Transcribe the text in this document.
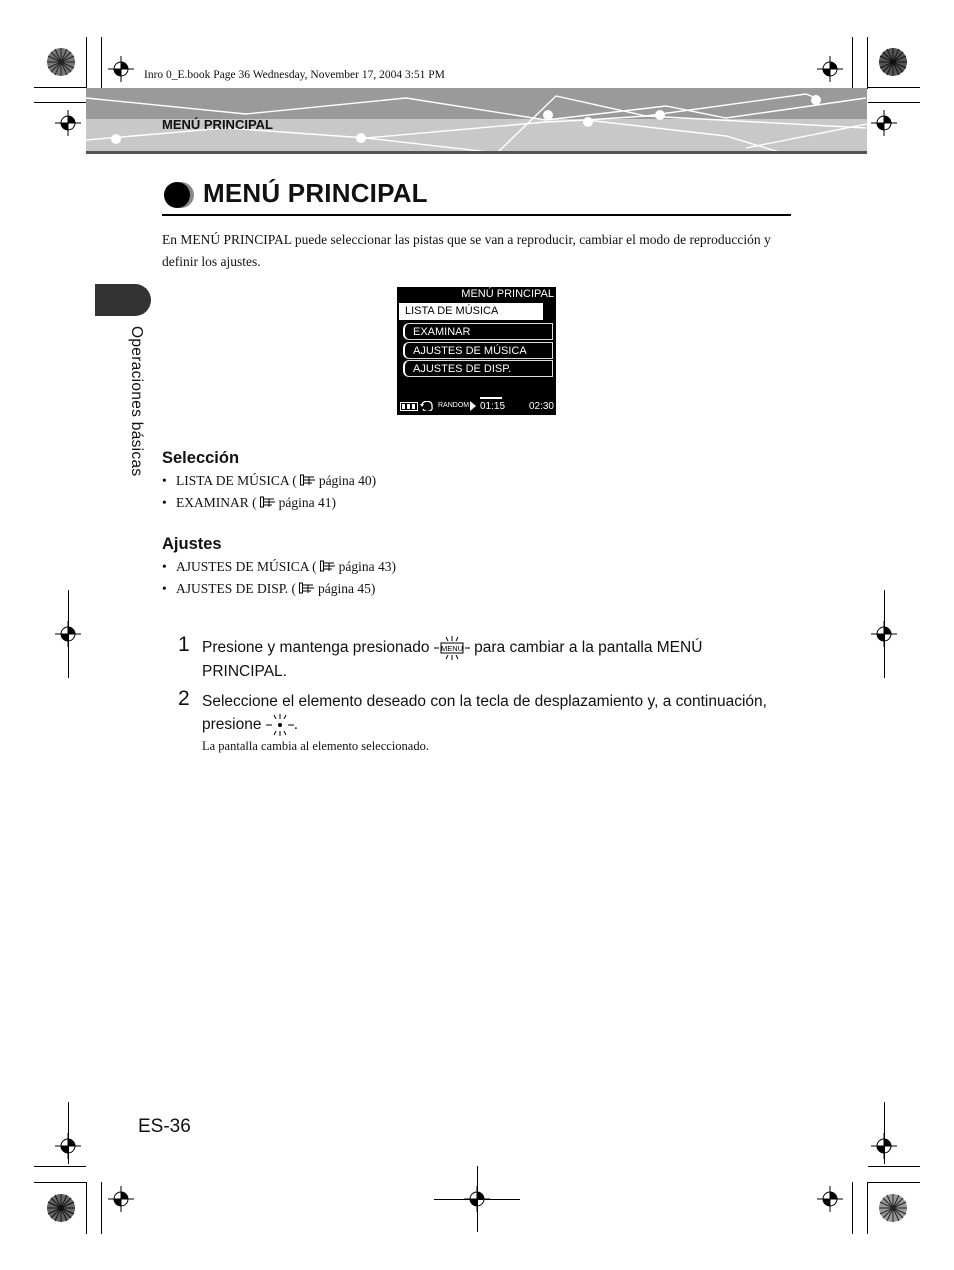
Inro 0_E.book Page 36 Wednesday, November 17, 2004 3:51 PM
MENÚ PRINCIPAL
MENÚ PRINCIPAL
En MENÚ PRINCIPAL puede seleccionar las pistas que se van a reproducir, cambiar el modo de reproducción y definir los ajustes.
Operaciones básicas
MENÚ PRINCIPAL
LISTA DE MÚSICA
EXAMINAR
AJUSTES DE MÚSICA
AJUSTES DE DISP.
RANDOM 01:15 02:30
Selección
• LISTA DE MÚSICA ( página 40)
• EXAMINAR ( página 41)
Ajustes
• AJUSTES DE MÚSICA ( página 43)
• AJUSTES DE DISP. ( página 45)
1 Presione y mantenga presionado MENU para cambiar a la pantalla MENÚ
PRINCIPAL.
2 Seleccione el elemento deseado con la tecla de desplazamiento y, a continuación,
presione .
La pantalla cambia al elemento seleccionado.
ES-36
